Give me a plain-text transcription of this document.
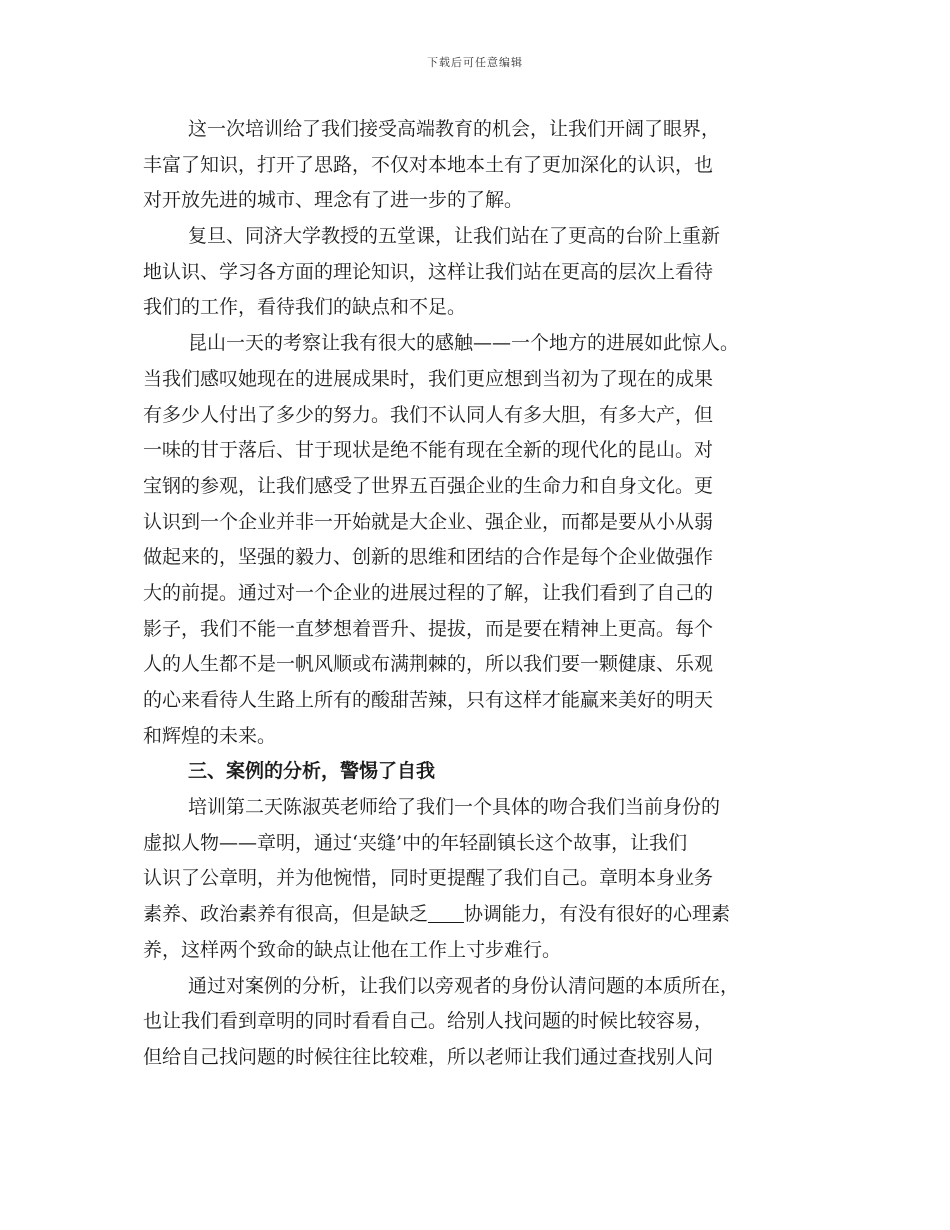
下载后可任意编辑
这一次培训给了我们接受高端教育的机会，让我们开阔了眼界，
丰富了知识，打开了思路，不仅对本地本土有了更加深化的认识，也
对开放先进的城市、理念有了进一步的了解。
复旦、同济大学教授的五堂课，让我们站在了更高的台阶上重新
地认识、学习各方面的理论知识，这样让我们站在更高的层次上看待
我们的工作，看待我们的缺点和不足。
昆山一天的考察让我有很大的感触——一个地方的进展如此惊人。
当我们感叹她现在的进展成果时，我们更应想到当初为了现在的成果
有多少人付出了多少的努力。我们不认同人有多大胆，有多大产，但
一味的甘于落后、甘于现状是绝不能有现在全新的现代化的昆山。对
宝钢的参观，让我们感受了世界五百强企业的生命力和自身文化。更
认识到一个企业并非一开始就是大企业、强企业，而都是要从小从弱
做起来的，坚强的毅力、创新的思维和团结的合作是每个企业做强作
大的前提。通过对一个企业的进展过程的了解，让我们看到了自己的
影子，我们不能一直梦想着晋升、提拔，而是要在精神上更高。每个
人的人生都不是一帆风顺或布满荆棘的，所以我们要一颗健康、乐观
的心来看待人生路上所有的酸甜苦辣，只有这样才能赢来美好的明天
和辉煌的未来。
三、案例的分析，警惕了自我
培训第二天陈淑英老师给了我们一个具体的吻合我们当前身份的
虚拟人物——章明，通过‘夹缝’中的年轻副镇长这个故事，让我们
认识了公章明，并为他惋惜，同时更提醒了我们自己。章明本身业务
素养、政治素养有很高，但是缺乏 协调能力，有没有很好的心理素
养，这样两个致命的缺点让他在工作上寸步难行。
通过对案例的分析，让我们以旁观者的身份认清问题的本质所在，
也让我们看到章明的同时看看自己。给别人找问题的时候比较容易，
但给自己找问题的时候往往比较难，所以老师让我们通过查找别人问
